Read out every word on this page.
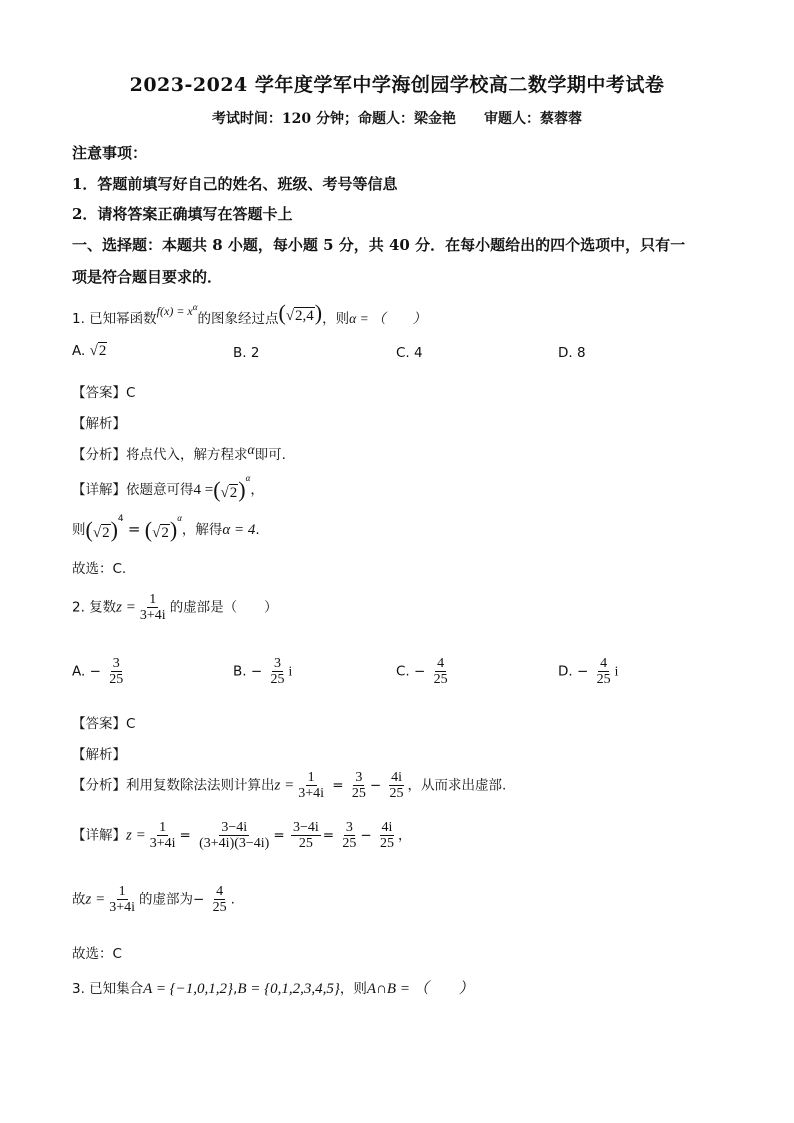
2023-2024 学年度学军中学海创园学校高二数学期中考试卷
考试时间：120 分钟；命题人：梁金艳　　审题人：蔡蓉蓉
注意事项：
1．答题前填写好自己的姓名、班级、考号等信息
2．请将答案正确填写在答题卡上
一、选择题：本题共 8 小题，每小题 5 分，共 40 分．在每小题给出的四个选项中，只有一
项是符合题目要求的．
1. 已知幂函数$f(x) = x^\alpha$的图象经过点(√2,4)，则α = （　　）
A. √2	B. 2	C. 4	D. 8
【答案】C
【解析】
【分析】将点代入，解方程求α即可.
【详解】依题意可得$4 =(√2)^\alpha$，
则$(√2)^4 = (√2)^\alpha$，解得α = 4.
故选：C.
2. 复数$z = \frac{1}{3+4i}$ 的虚部是（　　）
A. − $\frac{3}{25}$	B. − $\frac{3}{25}$ i	C. − $\frac{4}{25}$	D. − $\frac{4}{25}$ i
【答案】C
【解析】
【分析】利用复数除法法则计算出$z = \frac{1}{3+4i} = \frac{3}{25} - \frac{4i}{25}$ ，从而求出虚部.
【详解】$z = \frac{1}{3+4i} = \frac{3-4i}{(3+4i)(3-4i)} = \frac{3-4i}{25} = \frac{3}{25} - \frac{4i}{25}$ ，
故$z = \frac{1}{3+4i}$ 的虚部为− $\frac{4}{25}$ .
故选：C
3. 已知集合A = {−1,0,1,2},B = {0,1,2,3,4,5}，则A∩B = （　　）
